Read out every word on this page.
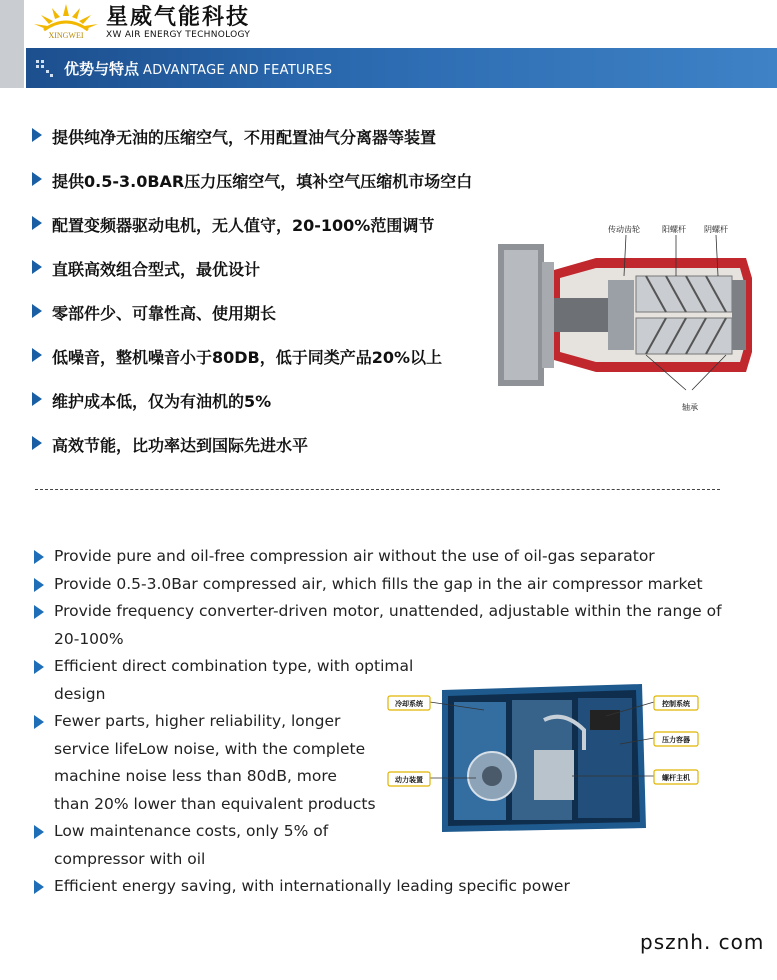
XINGWEI
星威气能科技
XW AIR ENERGY TECHNOLOGY
优势与特点 ADVANTAGE AND FEATURES
提供纯净无油的压缩空气，不用配置油气分离器等装置
提供0.5-3.0BAR压力压缩空气，填补空气压缩机市场空白
配置变频器驱动电机，无人值守，20-100%范围调节
直联高效组合型式，最优设计
零部件少、可靠性高、使用期长
低噪音，整机噪音小于80DB，低于同类产品20%以上
维护成本低，仅为有油机的5%
高效节能，比功率达到国际先进水平
传动齿轮	阳螺杆 阴螺杆
轴承
Provide pure and oil-free compression air without the use of oil-gas separator
Provide 0.5-3.0Bar compressed air, which fills the gap in the air compressor market
Provide frequency converter-driven motor, unattended, adjustable within the range of
20-100%
Efficient direct combination type, with optimal
design
Fewer parts, higher reliability, longer
service lifeLow noise, with the complete
machine noise less than 80dB, more
than 20% lower than equivalent products
Low maintenance costs, only 5% of
compressor with oil
Efficient energy saving, with internationally leading specific power
冷却系统
动力装置
控制系统
压力容器
螺杆主机
psznh. com
